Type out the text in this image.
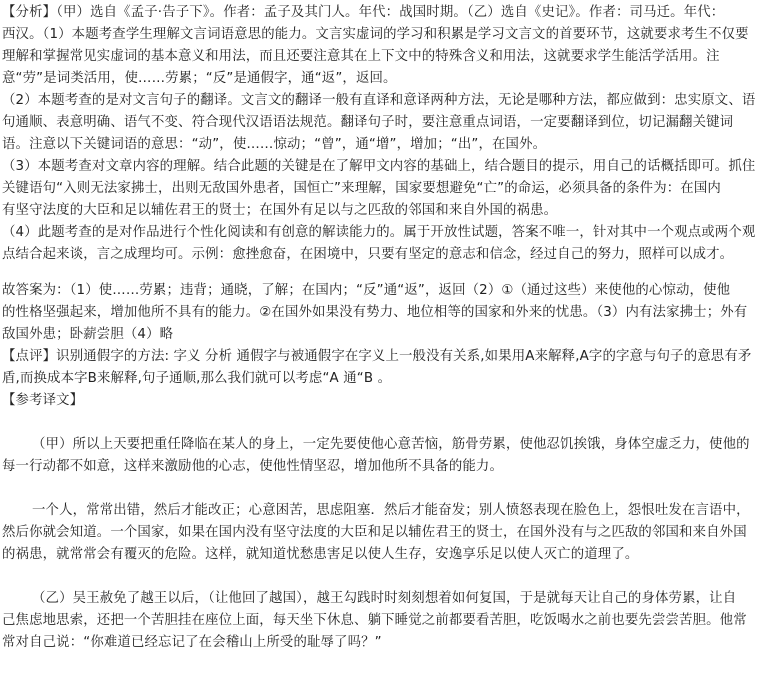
【分析】（甲）选自《孟子·告子下》。作者：孟子及其门人。年代：战国时期。（乙）选自《史记》。作者：司马迁。年代：
西汉。（1）本题考查学生理解文言词语意思的能力。文言实虚词的学习和积累是学习文言文的首要环节，这就要求考生不仅要
理解和掌握常见实虚词的基本意义和用法，而且还要注意其在上下文中的特殊含义和用法，这就要求学生能活学活用。注
意“劳”是词类活用，使……劳累；“反”是通假字，通“返”，返回。
（2）本题考查的是对文言句子的翻译。文言文的翻译一般有直译和意译两种方法，无论是哪种方法，都应做到：忠实原文、语
句通顺、表意明确、语气不变、符合现代汉语语法规范。翻译句子时，要注意重点词语，一定要翻译到位，切记漏翻关键词
语。注意以下关键词语的意思：“动”，使……惊动；“曾”，通“增”，增加；“出”，在国外。
（3）本题考查对文章内容的理解。结合此题的关键是在了解甲文内容的基础上，结合题目的提示，用自己的话概括即可。抓住
关键语句“入则无法家拂士，出则无敌国外患者，国恒亡”来理解，国家要想避免“亡”的命运，必须具备的条件为：在国内
有坚守法度的大臣和足以辅佐君王的贤士；在国外有足以与之匹敌的邻国和来自外国的祸患。
（4）此题考查的是对作品进行个性化阅读和有创意的解读能力的。属于开放性试题，答案不唯一，针对其中一个观点或两个观
点结合起来谈，言之成理均可。示例：愈挫愈奋，在困境中，只要有坚定的意志和信念，经过自己的努力，照样可以成才。
故答案为：（1）使……劳累；违背；通晓，了解；在国内；“反”通“返”，返回（2）①（通过这些）来使他的心惊动，使他
的性格坚强起来，增加他所不具有的能力。②在国外如果没有势力、地位相等的国家和外来的忧患。（3）内有法家拂士；外有
敌国外患；卧薪尝胆（4）略
【点评】识别通假字的方法: 字义 分析 通假字与被通假字在字义上一般没有关系,如果用A来解释,A字的字意与句子的意思有矛
盾,而换成本字B来解释,句子通顺,那么我们就可以考虑“A 通“B 。
【参考译文】
（甲）所以上天要把重任降临在某人的身上，一定先要使他心意苦恼，筋骨劳累，使他忍饥挨饿，身体空虚乏力，使他的
每一行动都不如意，这样来激励他的心志，使他性情坚忍，增加他所不具备的能力。
一个人，常常出错，然后才能改正；心意困苦，思虑阻塞．然后才能奋发；别人愤怒表现在脸色上，怨恨吐发在言语中，
然后你就会知道。一个国家，如果在国内没有坚守法度的大臣和足以辅佐君王的贤士，在国外没有与之匹敌的邻国和来自外国
的祸患，就常常会有覆灭的危险。这样，就知道忧愁患害足以使人生存，安逸享乐足以使人灭亡的道理了。
（乙）吴王赦免了越王以后，（让他回了越国），越王勾践时时刻刻想着如何复国，于是就每天让自己的身体劳累，让自
己焦虑地思索，还把一个苦胆挂在座位上面，每天坐下休息、躺下睡觉之前都要看苦胆，吃饭喝水之前也要先尝尝苦胆。他常
常对自己说：“你难道已经忘记了在会稽山上所受的耻辱了吗？”
